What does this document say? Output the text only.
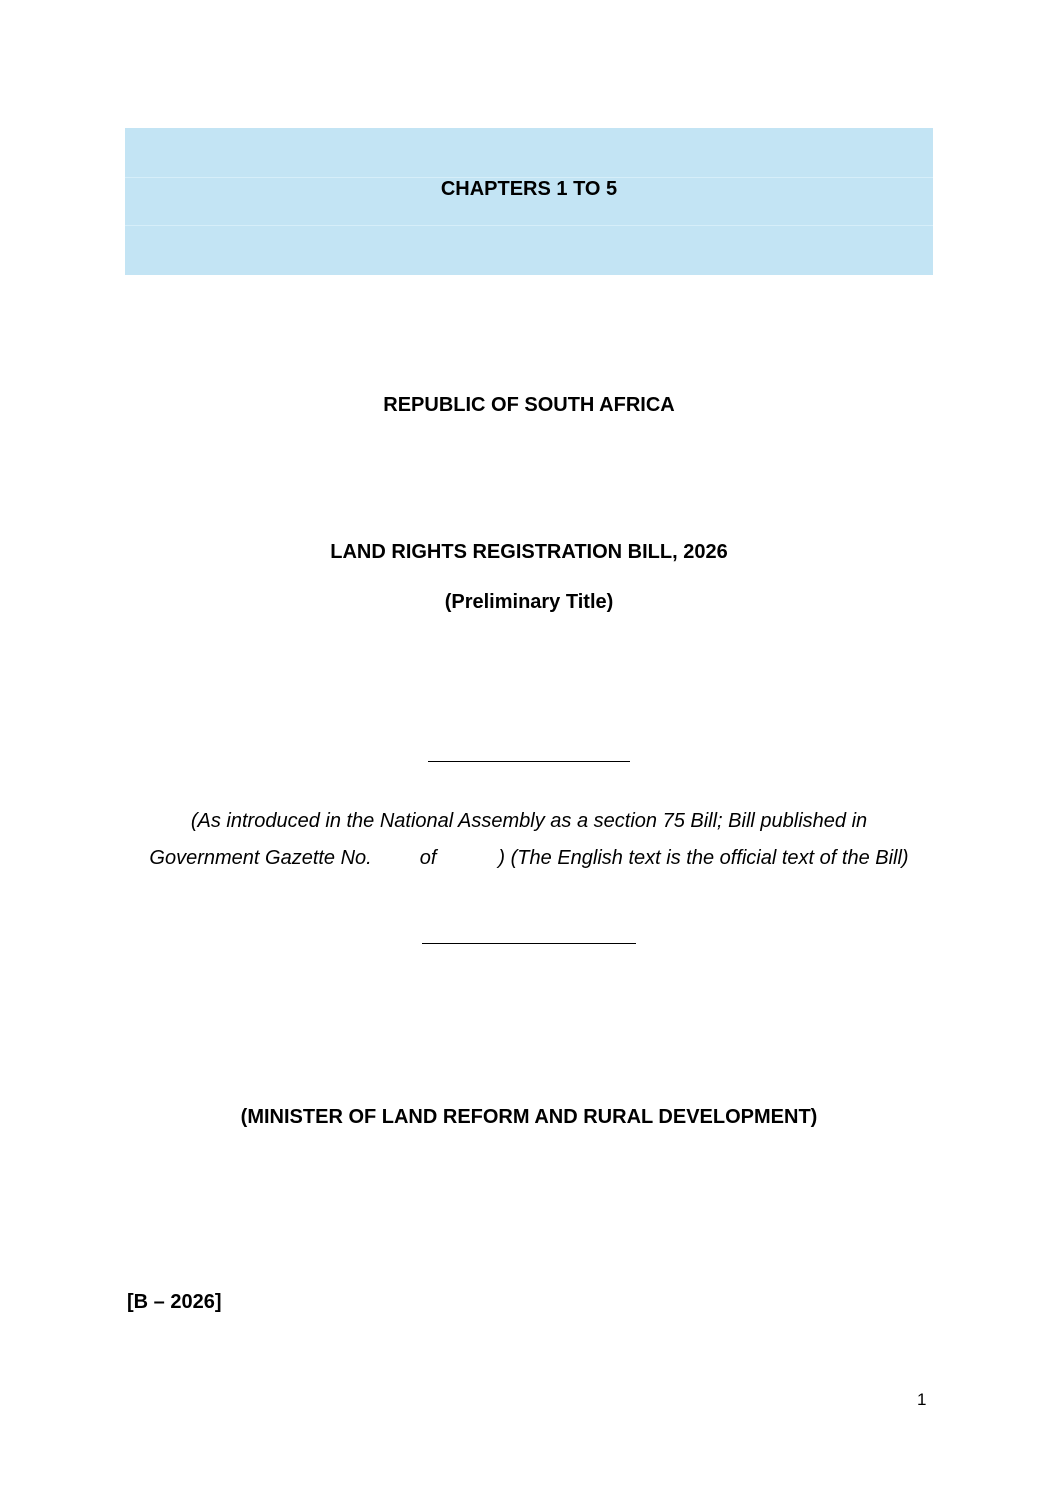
CHAPTERS 1 TO 5
REPUBLIC OF SOUTH AFRICA
LAND RIGHTS REGISTRATION BILL, 2026
(Preliminary Title)
(As introduced in the National Assembly as a section 75 Bill; Bill published in Government Gazette No. of	) (The English text is the official text of the Bill)
(MINISTER OF LAND REFORM AND RURAL DEVELOPMENT)
[B – 2026]
1
